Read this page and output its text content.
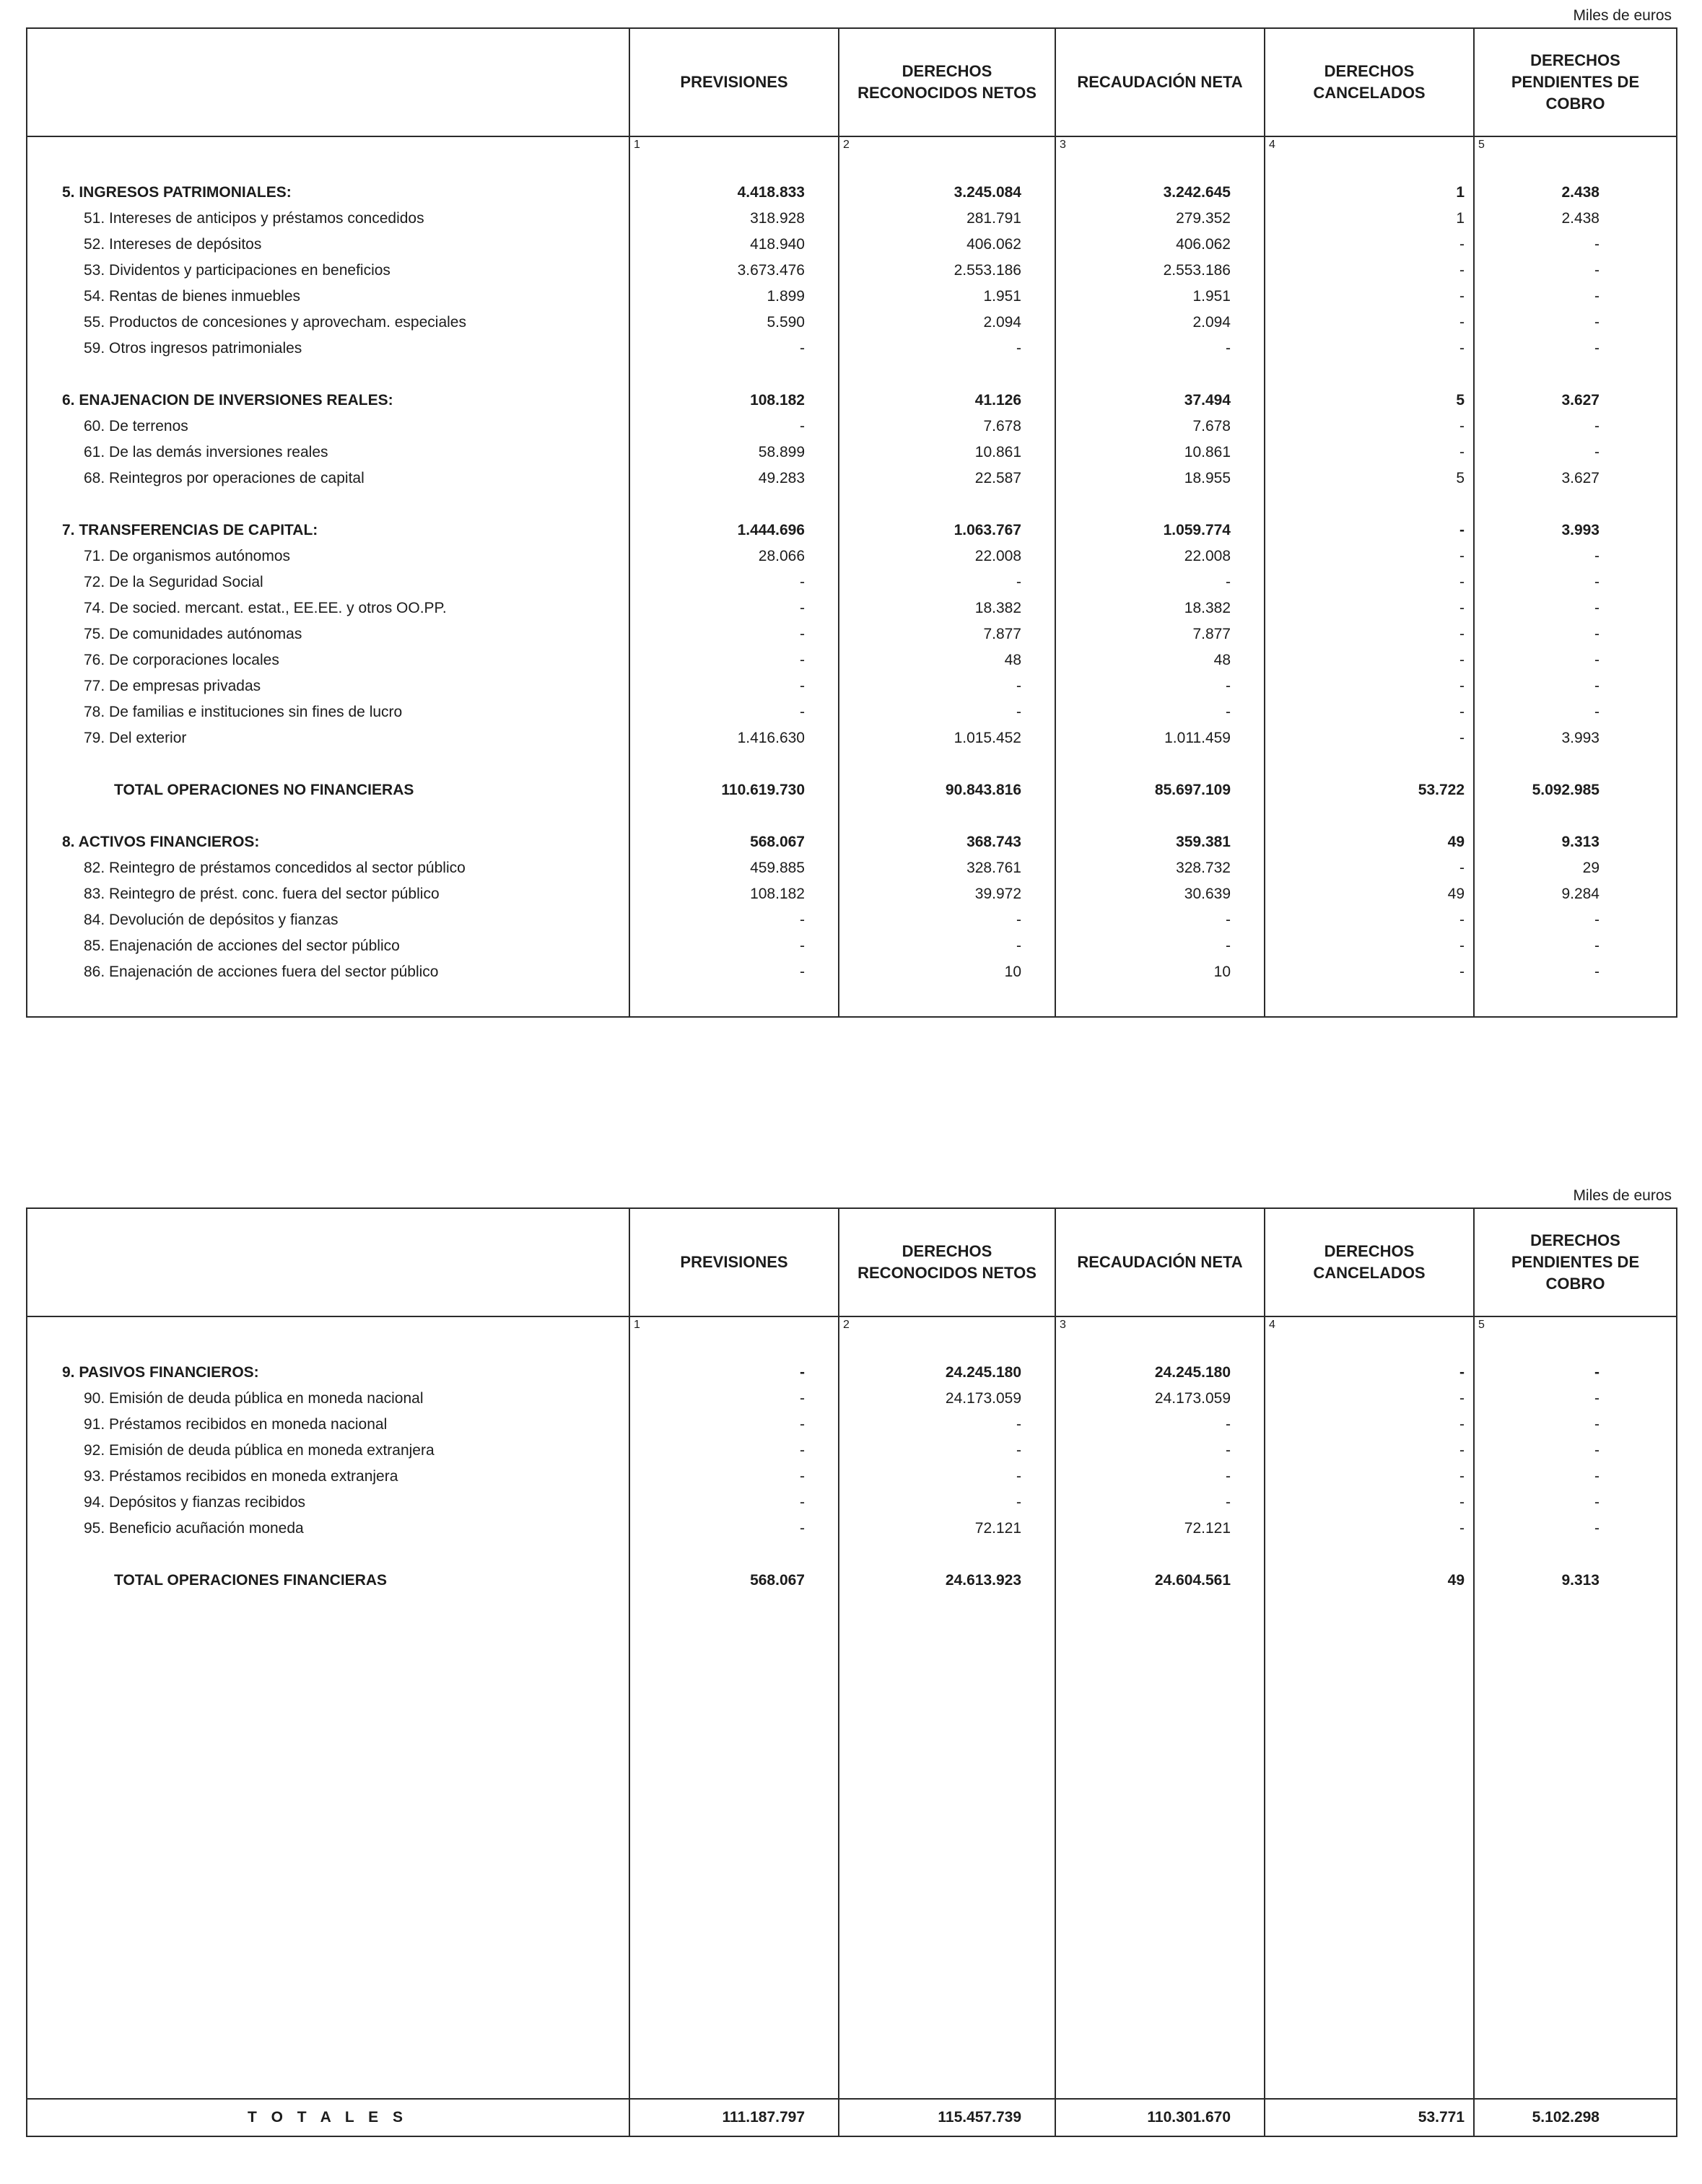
Miles de euros
	PREVISIONES	DERECHOS RECONOCIDOS NETOS	RECAUDACIÓN NETA	DERECHOS CANCELADOS	DERECHOS PENDIENTES DE COBRO
	1	2	3	4	5

5. INGRESOS PATRIMONIALES:	4.418.833	3.245.084	3.242.645	1	2.438
51. Intereses de anticipos y préstamos concedidos	318.928	281.791	279.352	1	2.438
52. Intereses de depósitos	418.940	406.062	406.062	-	-
53. Dividentos y participaciones en beneficios	3.673.476	2.553.186	2.553.186	-	-
54. Rentas de bienes inmuebles	1.899	1.951	1.951	-	-
55. Productos de concesiones y aprovecham. especiales	5.590	2.094	2.094	-	-
59. Otros ingresos patrimoniales	-	-	-	-	-

6. ENAJENACION DE INVERSIONES REALES:	108.182	41.126	37.494	5	3.627
60. De terrenos	-	7.678	7.678	-	-
61. De las demás inversiones reales	58.899	10.861	10.861	-	-
68. Reintegros por operaciones de capital	49.283	22.587	18.955	5	3.627

7. TRANSFERENCIAS DE CAPITAL:	1.444.696	1.063.767	1.059.774	-	3.993
71. De organismos autónomos	28.066	22.008	22.008	-	-
72. De la Seguridad Social	-	-	-	-	-
74. De socied. mercant. estat., EE.EE. y otros OO.PP.	-	18.382	18.382	-	-
75. De comunidades autónomas	-	7.877	7.877	-	-
76. De corporaciones locales	-	48	48	-	-
77. De empresas privadas	-	-	-	-	-
78. De familias e instituciones sin fines de lucro	-	-	-	-	-
79. Del exterior	1.416.630	1.015.452	1.011.459	-	3.993

TOTAL OPERACIONES NO FINANCIERAS	110.619.730	90.843.816	85.697.109	53.722	5.092.985

8. ACTIVOS FINANCIEROS:	568.067	368.743	359.381	49	9.313
82. Reintegro de préstamos concedidos al sector público	459.885	328.761	328.732	-	29
83. Reintegro de prést. conc. fuera del sector público	108.182	39.972	30.639	49	9.284
84. Devolución de depósitos y fianzas	-	-	-	-	-
85. Enajenación de acciones del sector público	-	-	-	-	-
86. Enajenación de acciones fuera del sector público	-	10	10	-	-

Miles de euros
	PREVISIONES	DERECHOS RECONOCIDOS NETOS	RECAUDACIÓN NETA	DERECHOS CANCELADOS	DERECHOS PENDIENTES DE COBRO
	1	2	3	4	5

9. PASIVOS FINANCIEROS:	-	24.245.180	24.245.180	-	-
90. Emisión de deuda pública en moneda nacional	-	24.173.059	24.173.059	-	-
91. Préstamos recibidos en moneda nacional	-	-	-	-	-
92. Emisión de deuda pública en moneda extranjera	-	-	-	-	-
93. Préstamos recibidos en moneda extranjera	-	-	-	-	-
94. Depósitos y fianzas recibidos	-	-	-	-	-
95. Beneficio acuñación moneda	-	72.121	72.121	-	-

TOTAL OPERACIONES FINANCIERAS	568.067	24.613.923	24.604.561	49	9.313

T O T A L E S	111.187.797	115.457.739	110.301.670	53.771	5.102.298
